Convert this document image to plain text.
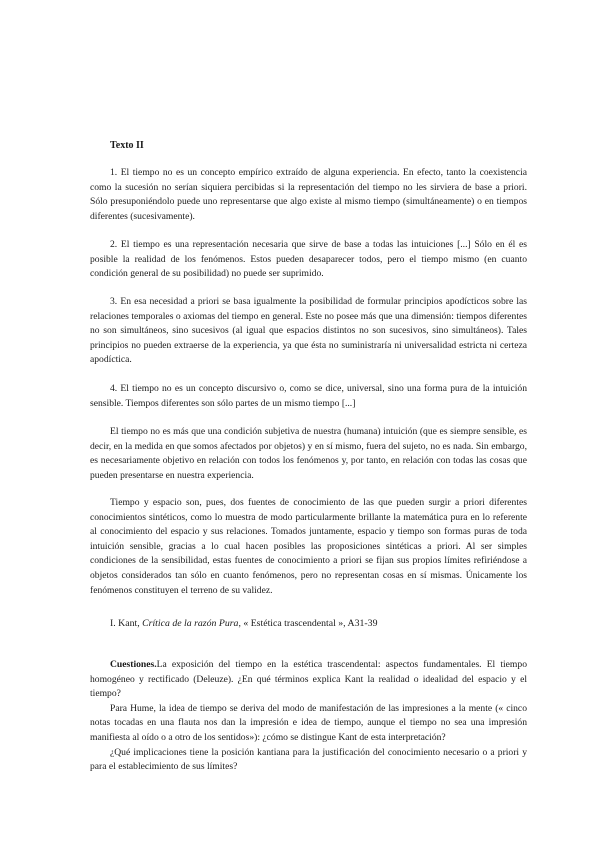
Texto II

1. El tiempo no es un concepto empírico extraído de alguna experiencia. En efecto, tanto la coexistencia como la sucesión no serían siquiera percibidas si la representación del tiempo no les sirviera de base a priori. Sólo presuponiéndolo puede uno representarse que algo existe al mismo tiempo (simultáneamente) o en tiempos diferentes (sucesivamente).

2. El tiempo es una representación necesaria que sirve de base a todas las intuiciones [...] Sólo en él es posible la realidad de los fenómenos. Estos pueden desaparecer todos, pero el tiempo mismo (en cuanto condición general de su posibilidad) no puede ser suprimido.

3. En esa necesidad a priori se basa igualmente la posibilidad de formular principios apodícticos sobre las relaciones temporales o axiomas del tiempo en general. Este no posee más que una dimensión: tiempos diferentes no son simultáneos, sino sucesivos (al igual que espacios distintos no son sucesivos, sino simultáneos). Tales principios no pueden extraerse de la experiencia, ya que ésta no suministraría ni universalidad estricta ni certeza apodíctica.

4. El tiempo no es un concepto discursivo o, como se dice, universal, sino una forma pura de la intuición sensible. Tiempos diferentes son sólo partes de un mismo tiempo [...]

El tiempo no es más que una condición subjetiva de nuestra (humana) intuición (que es siempre sensible, es decir, en la medida en que somos afectados por objetos) y en sí mismo, fuera del sujeto, no es nada. Sin embargo, es necesariamente objetivo en relación con todos los fenómenos y, por tanto, en relación con todas las cosas que pueden presentarse en nuestra experiencia.

Tiempo y espacio son, pues, dos fuentes de conocimiento de las que pueden surgir a priori diferentes conocimientos sintéticos, como lo muestra de modo particularmente brillante la matemática pura en lo referente al conocimiento del espacio y sus relaciones. Tomados juntamente, espacio y tiempo son formas puras de toda intuición sensible, gracias a lo cual hacen posibles las proposiciones sintéticas a priori. Al ser simples condiciones de la sensibilidad, estas fuentes de conocimiento a priori se fijan sus propios límites refiriéndose a objetos considerados tan sólo en cuanto fenómenos, pero no representan cosas en sí mismas. Únicamente los fenómenos constituyen el terreno de su validez.

I. Kant, Crítica de la razón Pura, « Estética trascendental », A31-39

Cuestiones.La exposición del tiempo en la estética trascendental: aspectos fundamentales. El tiempo homogéneo y rectificado (Deleuze). ¿En qué términos explica Kant la realidad o idealidad del espacio y el tiempo?

Para Hume, la idea de tiempo se deriva del modo de manifestación de las impresiones a la mente (« cinco notas tocadas en una flauta nos dan la impresión e idea de tiempo, aunque el tiempo no sea una impresión manifiesta al oído o a otro de los sentidos»): ¿cómo se distingue Kant de esta interpretación?

¿Qué implicaciones tiene la posición kantiana para la justificación del conocimiento necesario o a priori y para el establecimiento de sus límites?
